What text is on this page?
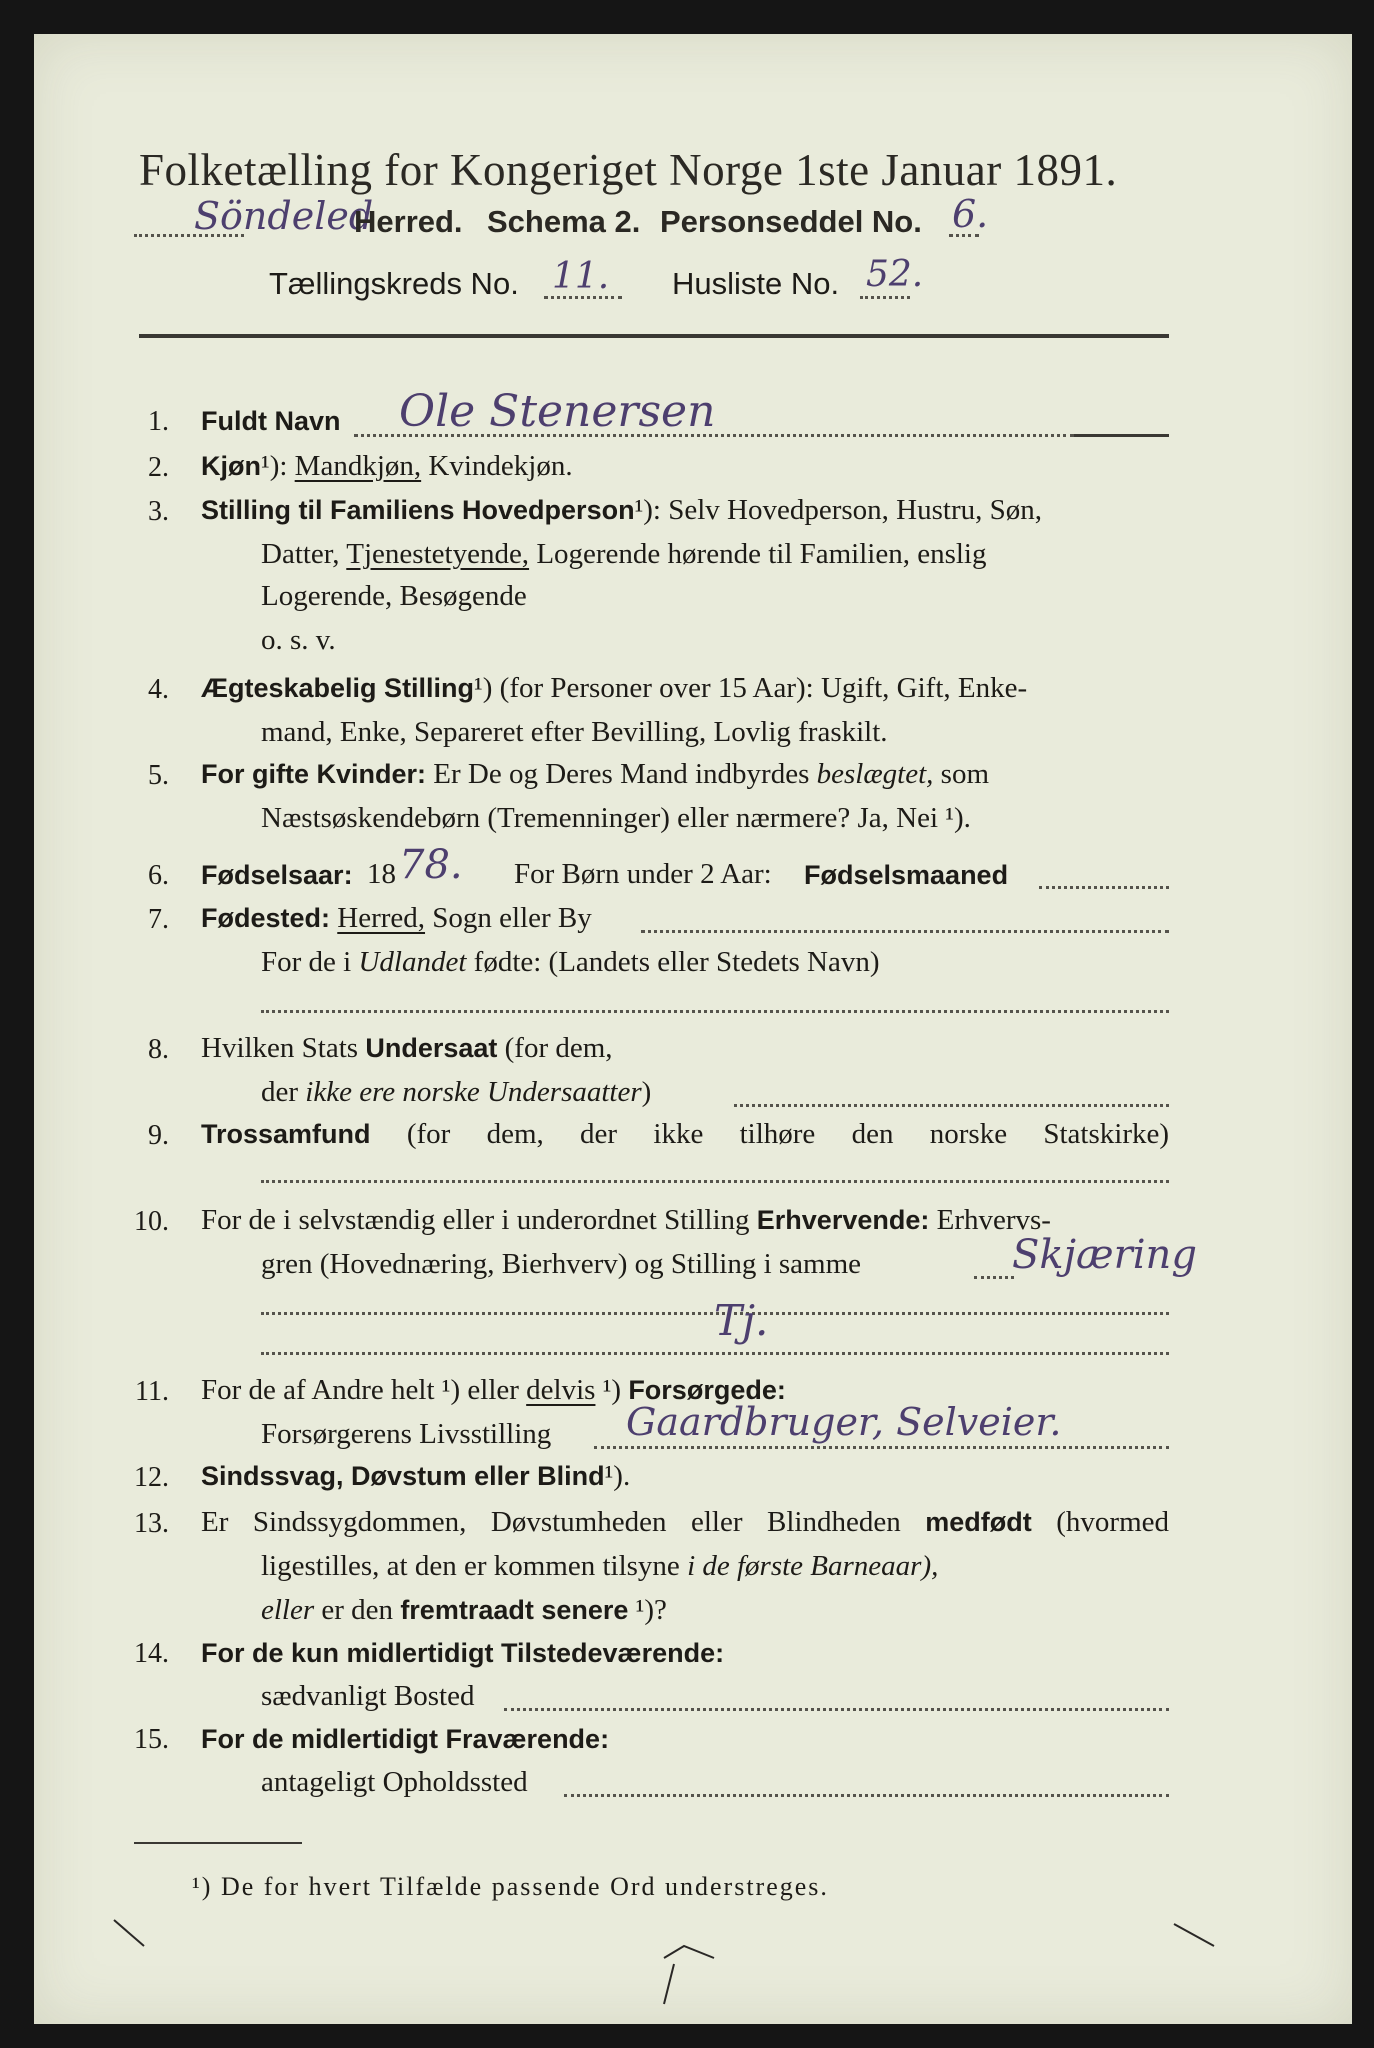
Folketælling for Kongeriget Norge 1ste Januar 1891.
Söndeled
Herred. Schema 2. Personseddel No. 6.
Tællingskreds No. 11. Husliste No. 52.
1. Fuldt Navn Ole Stenersen
2. Kjøn¹): Mandkjøn, Kvindekjøn.
3. Stilling til Familiens Hovedperson¹): Selv Hovedperson, Hustru, Søn,
Datter, Tjenestetyende, Logerende hørende til Familien, enslig
Logerende, Besøgende
o. s. v.
4. Ægteskabelig Stilling¹) (for Personer over 15 Aar): Ugift, Gift, Enke-
mand, Enke, Separeret efter Bevilling, Lovlig fraskilt.
5. For gifte Kvinder: Er De og Deres Mand indbyrdes beslægtet, som
Næstsøskendebørn (Tremenninger) eller nærmere? Ja, Nei ¹).
6. Fødselsaar: 18 78. For Børn under 2 Aar: Fødselsmaaned
7. Fødested: Herred, Sogn eller By
For de i Udlandet fødte: (Landets eller Stedets Navn)
8. Hvilken Stats Undersaat (for dem,
der ikke ere norske Undersaatter)
9. Trossamfund (for dem, der ikke tilhøre den norske Statskirke)
10. For de i selvstændig eller i underordnet Stilling Erhvervende: Erhvervs-
gren (Hovednæring, Bierhverv) og Stilling i samme	Skjæring
Tj.
11. For de af Andre helt ¹) eller delvis ¹) Forsørgede:
Forsørgerens Livsstilling Gaardbruger, Selveier.
12. Sindssvag, Døvstum eller Blind¹).
13. Er Sindssygdommen, Døvstumheden eller Blindheden medfødt (hvormed
ligestilles, at den er kommen tilsyne i de første Barneaar),
eller er den fremtraadt senere ¹)?
14. For de kun midlertidigt Tilstedeværende:
sædvanligt Bosted
15. For de midlertidigt Fraværende:
antageligt Opholdssted
¹) De for hvert Tilfælde passende Ord understreges.
